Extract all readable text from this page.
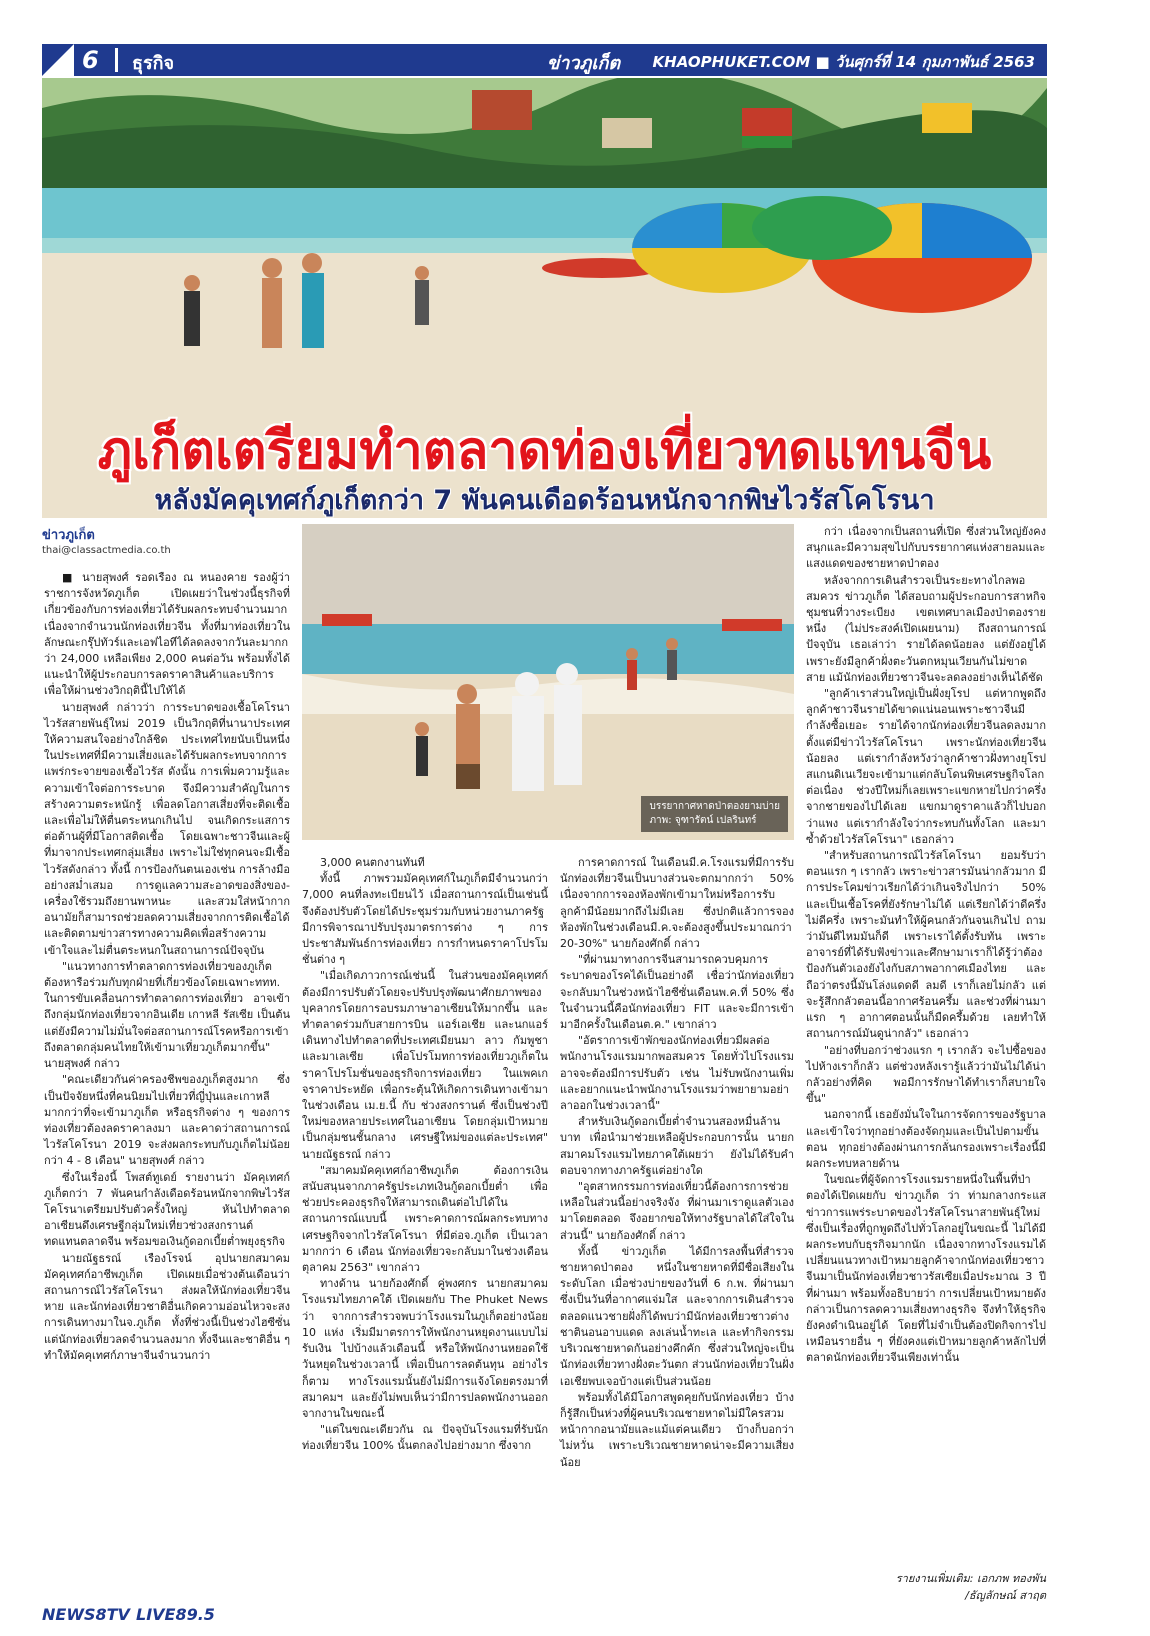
6 ธุรกิจ	ข่าวภูเก็ต KHAOPHUKET.COM ■ วันศุกร์ที่ 14 กุมภาพันธ์ 2563
ภูเก็ตเตรียมทำตลาดท่องเที่ยวทดแทนจีน
หลังมัคคุเทศก์ภูเก็ตกว่า 7 พันคนเดือดร้อนหนักจากพิษไวรัสโคโรนา
ข่าวภูเก็ต
thai@classactmedia.co.th

■ นายสุพงศ์ รอดเรือง ณ หนองคาย รองผู้ว่าราชการจังหวัดภูเก็ต เปิดเผยว่าในช่วงนี้ธุรกิจที่เกี่ยวข้องกับการท่องเที่ยวได้รับผลกระทบจำนวนมาก เนื่องจากจำนวนนักท่องเที่ยวจีน ทั้งที่มาท่องเที่ยวในลักษณะกรุ๊ปทัวร์และเอฟไอทีได้ลดลงจากวันละมากกว่า 24,000 เหลือเพียง 2,000 คนต่อวัน พร้อมทั้งได้แนะนำให้ผู้ประกอบการลดราคาสินค้าและบริการ เพื่อให้ผ่านช่วงวิกฤตินี้ไปให้ได้

นายสุพงศ์ กล่าวว่า การระบาดของเชื้อโคโรนาไวรัสสายพันธุ์ใหม่ 2019 เป็นวิกฤติที่นานาประเทศให้ความสนใจอย่างใกล้ชิด ประเทศไทยนับเป็นหนึ่งในประเทศที่มีความเสี่ยงและได้รับผลกระทบจากการแพร่กระจายของเชื้อไวรัส ดังนั้น การเพิ่มความรู้และความเข้าใจต่อการระบาด จึงมีความสำคัญในการสร้างความตระหนักรู้ เพื่อลดโอกาสเสี่ยงที่จะติดเชื้อและเพื่อไม่ให้ตื่นตระหนกเกินไป จนเกิดกระแสการต่อต้านผู้ที่มีโอกาสติดเชื้อ โดยเฉพาะชาวจีนและผู้ที่มาจากประเทศกลุ่มเสี่ยง เพราะไม่ใช่ทุกคนจะมีเชื้อไวรัสดังกล่าว ทั้งนี้ การป้องกันตนเองเช่น การล้างมืออย่างสม่ำเสมอ การดูแลความสะอาดของสิ่งของ-เครื่องใช้รวมถึงยานพาหนะ และสวมใส่หน้ากากอนามัยก็สามารถช่วยลดความเสี่ยงจากการติดเชื้อได้ และติดตามข่าวสารทางความคิดเพื่อสร้างความเข้าใจและไม่ตื่นตระหนกในสถานการณ์ปัจจุบัน

"แนวทางการทำตลาดการท่องเที่ยวของภูเก็ตต้องหารือร่วมกับทุกฝ่ายที่เกี่ยวข้องโดยเฉพาะททท. ในการขับเคลื่อนการทำตลาดการท่องเที่ยว อาจเข้าถึงกลุ่มนักท่องเที่ยวจากอินเดีย เกาหลี รัสเซีย เป็นต้น แต่ยังมีความไม่มั่นใจต่อสถานการณ์โรคหรือการเข้าถึงตลาดกลุ่มคนไทยให้เข้ามาเที่ยวภูเก็ตมากขึ้น" นายสุพงศ์ กล่าว

"คณะเดียวกันค่าครองชีพของภูเก็ตสูงมาก ซึ่งเป็นปัจจัยหนึ่งที่คนนิยมไปเที่ยวที่ญี่ปุ่นและเกาหลีมากกว่าที่จะเข้ามาภูเก็ต หรือธุรกิจต่าง ๆ ของการท่องเที่ยวต้องลดราคาลงมา และคาดว่าสถานการณ์ไวรัสโคโรนา 2019 จะส่งผลกระทบกับภูเก็ตไม่น้อยกว่า 4 - 8 เดือน" นายสุพงศ์ กล่าว

ซึ่งในเรื่องนี้ โพสต์ทูเดย์ รายงานว่า มัคคุเทศก์ภูเก็ตกว่า 7 พันคนกำลังเดือดร้อนหนักจากพิษไวรัสโคโรนาเตรียมปรับตัวครั้งใหญ่ หันไปทำตลาดอาเซียนดึงเศรษฐีกลุ่มใหม่เที่ยวช่วงสงกรานต์ ทดแทนตลาดจีน พร้อมขอเงินกู้ดอกเบี้ยต่ำพยุงธุรกิจ

นายณัฐธรณ์ เรืองโรจน์ อุปนายกสมาคมมัคคุเทศก์อาชีพภูเก็ต เปิดเผยเมื่อช่วงต้นเดือนว่าสถานการณ์ไวรัสโคโรนา ส่งผลให้นักท่องเที่ยวจีนหาย และนักท่องเที่ยวชาติอื่นเกิดความอ่อนไหวจะสงการเดินทางมาในจ.ภูเก็ต ทั้งที่ช่วงนี้เป็นช่วงไฮซีซั่น แต่นักท่องเที่ยวลดจำนวนลงมาก ทั้งจีนและชาติอื่น ๆ ทำให้มัคคุเทศก์ภาษาจีนจำนวนกว่า

บรรยากาศหาดป่าตองยามบ่าย
ภาพ: จุฑารัตน์ เปลรินทร์

3,000 คนตกงานทันที

ทั้งนี้ ภาพรวมมัคคุเทศก์ในภูเก็ตมีจำนวนกว่า 7,000 คนที่ลงทะเบียนไว้ เมื่อสถานการณ์เป็นเช่นนี้จึงต้องปรับตัวโดยได้ประชุมร่วมกับหน่วยงานภาครัฐมีการพิจารณาปรับปรุงมาตรการต่าง ๆ การประชาสัมพันธ์การท่องเที่ยว การกำหนดราคาโปรโมชั่นต่าง ๆ

"เมื่อเกิดภาวการณ์เช่นนี้ ในส่วนของมัคคุเทศก์ต้องมีการปรับตัวโดยจะปรับปรุงพัฒนาศักยภาพของบุคลากรโดยการอบรมภาษาอาเซียนให้มากขึ้น และทำตลาดร่วมกับสายการบิน แอร์เอเชีย และนกแอร์ เดินทางไปทำตลาดที่ประเทศเมียนมา ลาว กัมพูชา และมาเลเซีย เพื่อโปรโมทการท่องเที่ยวภูเก็ตในราคาโปรโมชั่นของธุรกิจการท่องเที่ยว ในแพคเกจราคาประหยัด เพื่อกระตุ้นให้เกิดการเดินทางเข้ามาในช่วงเดือน เม.ย.นี้ กับ ช่วงสงกรานต์ ซึ่งเป็นช่วงปีใหม่ของหลายประเทศในอาเซียน โดยกลุ่มเป้าหมาย เป็นกลุ่มชนชั้นกลาง เศรษฐีใหม่ของแต่ละประเทศ" นายณัฐธรณ์ กล่าว

"สมาคมมัคคุเทศก์อาชีพภูเก็ต ต้องการเงินสนับสนุนจากภาครัฐประเภทเงินกู้ดอกเบี้ยต่ำ เพื่อช่วยประคองธุรกิจให้สามารถเดินต่อไปได้ในสถานการณ์แบบนี้ เพราะคาดการณ์ผลกระทบทางเศรษฐกิจจากไวรัสโคโรนา ที่มีต่อจ.ภูเก็ต เป็นเวลามากกว่า 6 เดือน นักท่องเที่ยวจะกลับมาในช่วงเดือนตุลาคม 2563" เขากล่าว

ทางด้าน นายก้องศักดิ์ คู่พงศกร นายกสมาคมโรงแรมไทยภาคใต้ เปิดเผยกับ The Phuket News ว่า จากการสำรวจพบว่าโรงแรมในภูเก็ตอย่างน้อย 10 แห่ง เริ่มมีมาตรการให้พนักงานหยุดงานแบบไม่รับเงิน ไปบ้างแล้วเดือนนี้ หรือให้พนักงานหยอดใช้วันหยุดในช่วงเวลานี้ เพื่อเป็นการลดต้นทุน อย่างไรก็ตาม ทางโรงแรมนั้นยังไม่มีการแจ้งโดยตรงมาที่สมาคมฯ และยังไม่พบเห็นว่ามีการปลดพนักงานออกจากงานในขณะนี้

"แต่ในขณะเดียวกัน ณ ปัจจุบันโรงแรมที่รับนักท่องเที่ยวจีน 100% นั้นตกลงไปอย่างมาก ซึ่งจาก

การคาดการณ์ ในเดือนมี.ค.โรงแรมที่มีการรับนักท่องเที่ยวจีนเป็นบางส่วนจะตกมากกว่า 50% เนื่องจากการจองห้องพักเข้ามาใหม่หรือการรับลูกค้ามีน้อยมากถึงไม่มีเลย ซึ่งปกติแล้วการจองห้องพักในช่วงเดือนมี.ค.จะต้องสูงขึ้นประมาณกว่า 20-30%" นายก้องศักดิ์ กล่าว

"ที่ผ่านมาทางการจีนสามารถควบคุมการระบาดของโรคได้เป็นอย่างดี เชื่อว่านักท่องเที่ยวจะกลับมาในช่วงหน้าไฮซีซั่นเดือนพ.ค.ที่ 50% ซึ่งในจำนวนนี้คือนักท่องเที่ยว FIT และจะมีการเข้ามาอีกครั้งในเดือนต.ค." เขากล่าว

"อัตราการเข้าพักของนักท่องเที่ยวมีผลต่อพนักงานโรงแรมมากพอสมควร โดยทั่วไปโรงแรมอาจจะต้องมีการปรับตัว เช่น ไม่รับพนักงานเพิ่มและอยากแนะนำพนักงานโรงแรมว่าพยายามอย่าลาออกในช่วงเวลานี้"

สำหรับเงินกู้ดอกเบี้ยต่ำจำนวนสองหมื่นล้านบาท เพื่อนำมาช่วยเหลือผู้ประกอบการนั้น นายกสมาคมโรงแรมไทยภาคใต้เผยว่า ยังไม่ได้รับคำตอบจากทางภาครัฐแต่อย่างใด

"อุตสาหกรรมการท่องเที่ยวนี้ต้องการการช่วยเหลือในส่วนนี้อย่างจริงจัง ที่ผ่านมาเราดูแลตัวเองมาโดยตลอด จึงอยากขอให้ทางรัฐบาลได้ใส่ใจในส่วนนี้" นายก้องศักดิ์ กล่าว

ทั้งนี้ ข่าวภูเก็ต ได้มีการลงพื้นที่สำรวจชายหาดป่าตอง หนึ่งในชายหาดที่มีชื่อเสียงในระดับโลก เมื่อช่วงบ่ายของวันที่ 6 ก.พ. ที่ผ่านมา ซึ่งเป็นวันที่อากาศแจ่มใส และจากการเดินสำรวจตลอดแนวชายฝั่งก็ได้พบว่ามีนักท่องเที่ยวชาวต่างชาตินอนอาบแดด ลงเล่นน้ำทะเล และทำกิจกรรมบริเวณชายหาดกันอย่างคึกคัก ซึ่งส่วนใหญ่จะเป็นนักท่องเที่ยวทางฝั่งตะวันตก ส่วนนักท่องเที่ยวในฝั่งเอเชียพบเจอบ้างแต่เป็นส่วนน้อย

พร้อมทั้งได้มีโอกาสพูดคุยกับนักท่องเที่ยว บ้างก็รู้สึกเป็นห่วงที่ผู้คนบริเวณชายหาดไม่มีใครสวมหน้ากากอนามัยและแม้แต่คนเดียว บ้างก็บอกว่าไม่หวั่น เพราะบริเวณชายหาดน่าจะมีความเสี่ยงน้อย

กว่า เนื่องจากเป็นสถานที่เปิด ซึ่งส่วนใหญ่ยังคงสนุกและมีความสุขไปกับบรรยากาศแห่งสายลมและแสงแดดของชายหาดป่าตอง

หลังจากการเดินสำรวจเป็นระยะทางไกลพอสมควร ข่าวภูเก็ต ได้สอบถามผู้ประกอบการสาหกิจชุมชนที่วางระเบียง เขตเทศบาลเมืองป่าตองรายหนึ่ง (ไม่ประสงค์เปิดเผยนาม) ถึงสถานการณ์ ปัจจุบัน เธอเล่าว่า รายได้ลดน้อยลง แต่ยังอยู่ได้ เพราะยังมีลูกค้าฝั่งตะวันตกหมุนเวียนกันไม่ขาดสาย แม้นักท่องเที่ยวชาวจีนจะลดลงอย่างเห็นได้ชัด

"ลูกค้าเราส่วนใหญ่เป็นฝั่งยุโรป แต่หากพูดถึงลูกค้าชาวจีนรายได้ขาดแน่นอนเพราะชาวจีนมีกำลังซื้อเยอะ รายได้จากนักท่องเที่ยวจีนลดลงมากตั้งแต่มีข่าวไวรัสโคโรนา เพราะนักท่องเที่ยวจีนน้อยลง แต่เรากำลังหวังว่าลูกค้าชาวฝั่งทางยุโรป สแกนดิเนเวียจะเข้ามาแต่กลับโดนพิษเศรษฐกิจโลกต่อเนื่อง ช่วงปีใหม่ก็เลยเพราะแขกหายไปกว่าครึ่งจากชายของไปได้เลย แขกมาดูราคาแล้วก็ไปบอกว่าแพง แต่เรากำลังใจว่ากระทบกันทั้งโลก และมาซ้ำด้วยไวรัสโคโรนา" เธอกล่าว

"สำหรับสถานการณ์ไวรัสโคโรนา ยอมรับว่าตอนแรก ๆ เรากลัว เพราะข่าวสารมันน่ากลัวมาก มีการประโคมข่าวเรียกได้ว่าเกินจริงไปกว่า 50% และเป็นเชื้อโรคที่ยังรักษาไม่ได้ แต่เรียกได้ว่าดีครึ่งไม่ดีครึ่ง เพราะมันทำให้ผู้คนกลัวกันจนเกินไป ถามว่ามันดีไหมมันก็ดี เพราะเราได้ตั้งรับทัน เพราะอาจารย์ที่ได้รับฟังข่าวและศึกษามาเราก็ได้รู้ว่าต้องป้องกันตัวเองยังไงกับสภาพอากาศเมืองไทย และถือว่าตรงนี้มันโล่งแดดดี ลมดี เราก็เลยไม่กลัว แต่จะรู้สึกกลัวตอนนี้อากาศร้อนครึ้ม และช่วงที่ผ่านมาแรก ๆ อากาศตอนนั้นก็มืดครึ้มด้วย เลยทำให้สถานการณ์มันดูน่ากลัว" เธอกล่าว

"อย่างที่บอกว่าช่วงแรก ๆ เรากลัว จะไปซื้อของไปห้างเราก็กลัว แต่ช่วงหลังเรารู้แล้วว่ามันไม่ได้น่ากลัวอย่างที่คิด พอมีการรักษาได้ทำเราก็สบายใจขึ้น"

นอกจากนี้ เธอยังมั่นใจในการจัดการของรัฐบาลและเข้าใจว่าทุกอย่างต้องจัดกุมและเป็นไปตามขั้นตอน ทุกอย่างต้องผ่านการกลั่นกรองเพราะเรื่องนี้มีผลกระทบหลายด้าน

ในขณะที่ผู้จัดการโรงแรมรายหนึ่งในพื้นที่ป่าตองได้เปิดเผยกับ ข่าวภูเก็ต ว่า ท่ามกลางกระแสข่าวการแพร่ระบาดของไวรัสโคโรนาสายพันธุ์ใหม่ ซึ่งเป็นเรื่องที่ถูกพูดถึงไปทั่วโลกอยู่ในขณะนี้ ไม่ได้มีผลกระทบกับธุรกิจมากนัก เนื่องจากทางโรงแรมได้เปลี่ยนแนวทางเป้าหมายลูกค้าจากนักท่องเที่ยวชาวจีนมาเป็นนักท่องเที่ยวชาวรัสเซียเมื่อประมาณ 3 ปีที่ผ่านมา พร้อมทั้งอธิบายว่า การเปลี่ยนเป้าหมายดังกล่าวเป็นการลดความเสี่ยงทางธุรกิจ จึงทำให้ธุรกิจยังคงดำเนินอยู่ได้ โดยที่ไม่จำเป็นต้องปิดกิจการไปเหมือนรายอื่น ๆ ที่ยังคงแต่เป้าหมายลูกค้าหลักไปที่ตลาดนักท่องเที่ยวจีนเพียงเท่านั้น

รายงานเพิ่มเติม: เอกภพ ทองพัน
/ธัญลักษณ์ สาฤต
NEWS8TV LIVE89.5
